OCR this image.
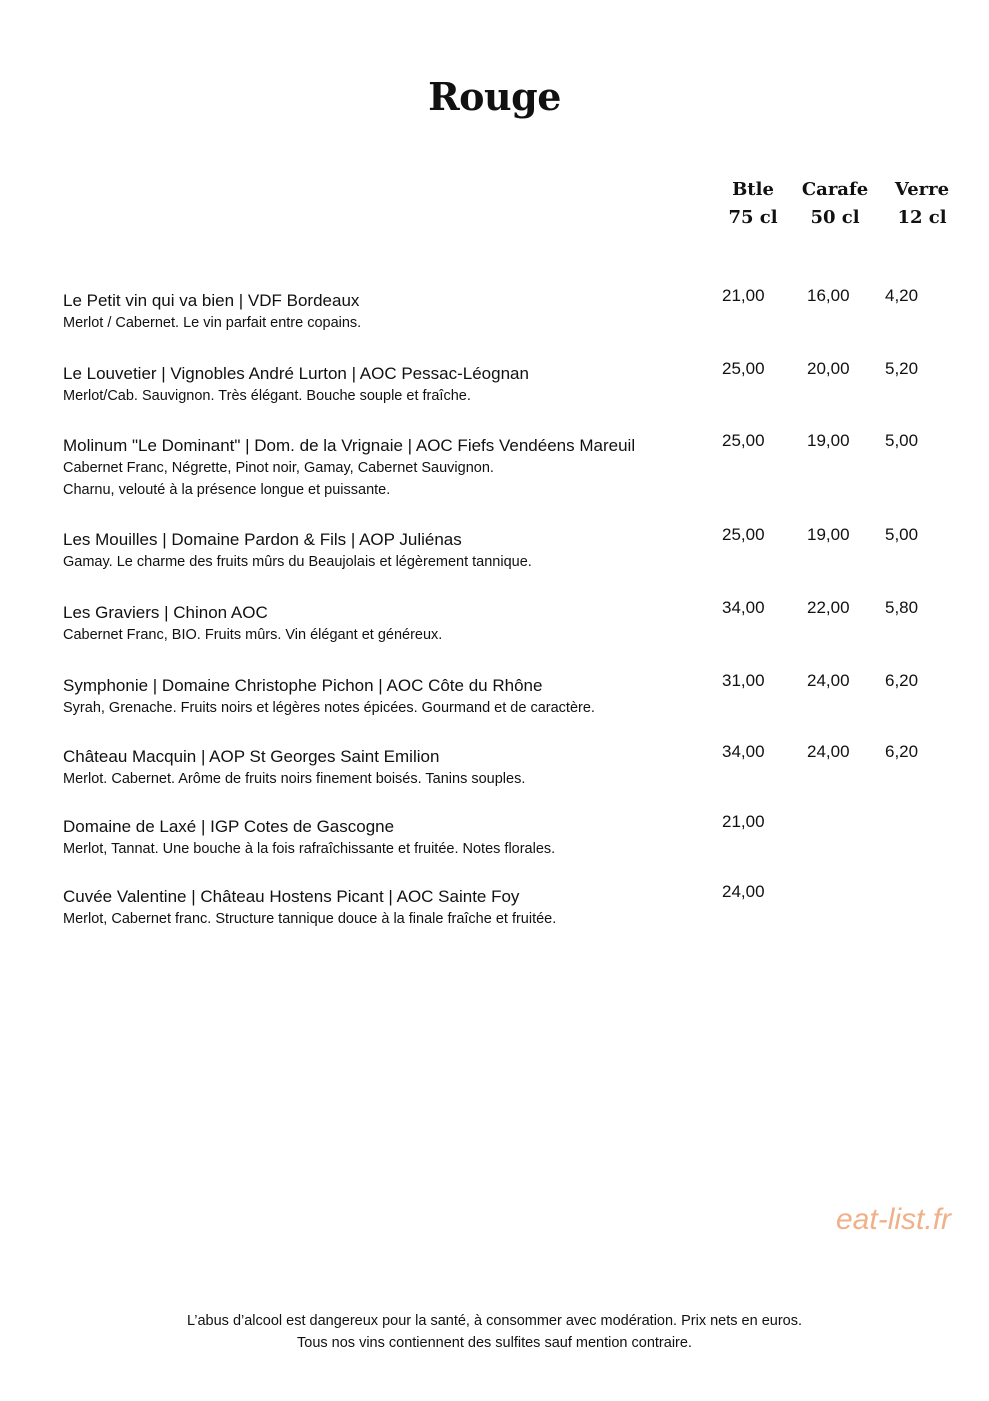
Rouge
Btle
75 cl
Carafe
50 cl
Verre
12 cl
Le Petit vin qui va bien | VDF Bordeaux
Merlot / Cabernet. Le vin parfait entre copains.
21,00 16,00 4,20
Le Louvetier | Vignobles André Lurton | AOC Pessac-Léognan
Merlot/Cab. Sauvignon. Très élégant. Bouche souple et fraîche.
25,00 20,00 5,20
Molinum "Le Dominant" | Dom. de la Vrignaie | AOC Fiefs Vendéens Mareuil
Cabernet Franc, Négrette, Pinot noir, Gamay, Cabernet Sauvignon.
Charnu, velouté à la présence longue et puissante.
25,00 19,00 5,00
Les Mouilles | Domaine Pardon & Fils | AOP Juliénas
Gamay. Le charme des fruits mûrs du Beaujolais et légèrement tannique.
25,00 19,00 5,00
Les Graviers | Chinon AOC
Cabernet Franc, BIO. Fruits mûrs. Vin élégant et généreux.
34,00 22,00 5,80
Symphonie | Domaine Christophe Pichon | AOC Côte du Rhône
Syrah, Grenache. Fruits noirs et légères notes épicées. Gourmand et de caractère.
31,00 24,00 6,20
Château Macquin | AOP St Georges Saint Emilion
Merlot. Cabernet. Arôme de fruits noirs finement boisés. Tanins souples.
34,00 24,00 6,20
Domaine de Laxé | IGP Cotes de Gascogne
Merlot, Tannat. Une bouche à la fois rafraîchissante et fruitée. Notes florales.
21,00
Cuvée Valentine | Château Hostens Picant | AOC Sainte Foy
Merlot, Cabernet franc. Structure tannique douce à la finale fraîche et fruitée.
24,00
eat-list.fr
L’abus d’alcool est dangereux pour la santé, à consommer avec modération. Prix nets en euros.
Tous nos vins contiennent des sulfites sauf mention contraire.
